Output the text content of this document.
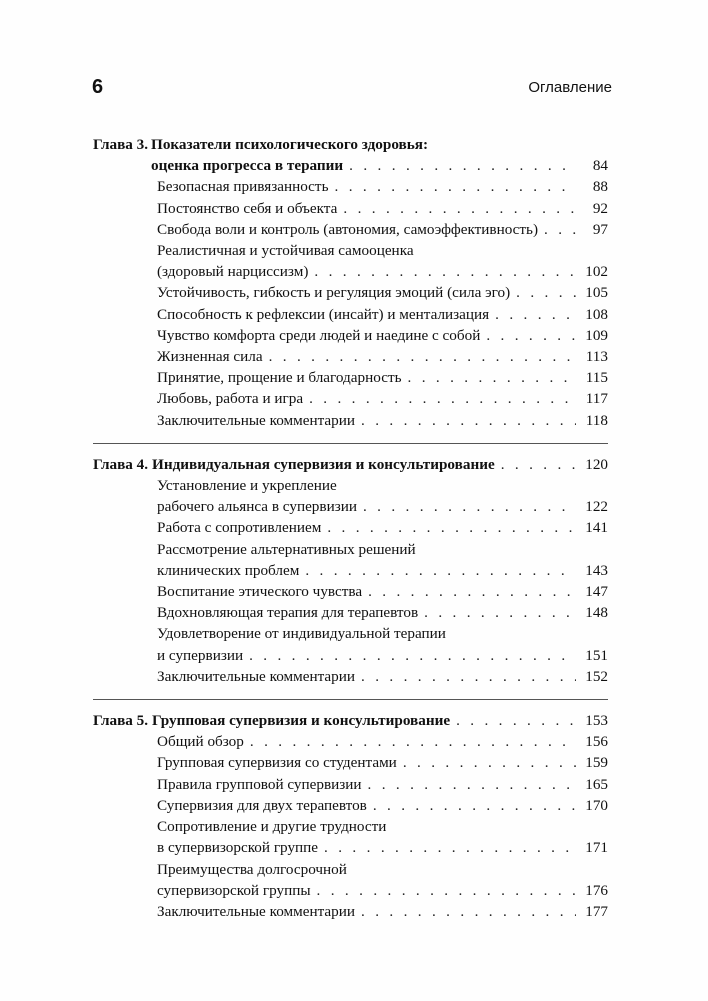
6	Оглавление
Глава 3. Показатели психологического здоровья:
оценка прогресса в терапии . . .	84
Безопасная привязанность . . .	88
Постоянство себя и объекта . . .	92
Свобода воли и контроль (автономия, самоэффективность) . . .	97
Реалистичная и устойчивая самооценка
(здоровый нарциссизм) . . .	102
Устойчивость, гибкость и регуляция эмоций (сила эго) . . .	105
Способность к рефлексии (инсайт) и ментализация . . .	108
Чувство комфорта среди людей и наедине с собой . . .	109
Жизненная сила . . .	113
Принятие, прощение и благодарность . . .	115
Любовь, работа и игра . . .	117
Заключительные комментарии . . .	118
Глава 4. Индивидуальная супервизия и консультирование . . .	120
Установление и укрепление
рабочего альянса в супервизии . . .	122
Работа с сопротивлением . . .	141
Рассмотрение альтернативных решений
клинических проблем . . .	143
Воспитание этического чувства . . .	147
Вдохновляющая терапия для терапевтов . . .	148
Удовлетворение от индивидуальной терапии
и супервизии . . .	151
Заключительные комментарии . . .	152
Глава 5. Групповая супервизия и консультирование . . .	153
Общий обзор . . .	156
Групповая супервизия со студентами . . .	159
Правила групповой супервизии . . .	165
Супервизия для двух терапевтов . . .	170
Сопротивление и другие трудности
в супервизорской группе . . .	171
Преимущества долгосрочной
супервизорской группы . . .	176
Заключительные комментарии . . .	177
